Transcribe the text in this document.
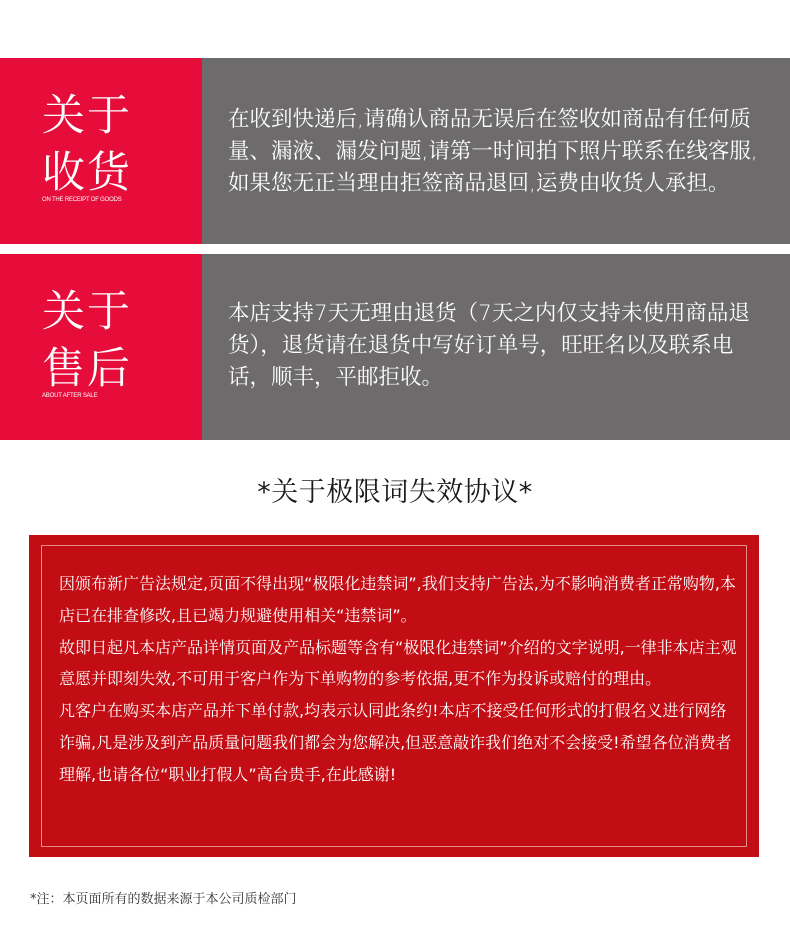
关于
收货
ON THE RECEIPT OF GOODS

在收到快递后,请确认商品无误后在签收如商品有任何质量、漏液、漏发问题,请第一时间拍下照片联系在线客服,如果您无正当理由拒签商品退回,运费由收货人承担。

关于
售后
ABOUT AFTER SALE

本店支持7天无理由退货（7天之内仅支持未使用商品退货），退货请在退货中写好订单号，旺旺名以及联系电话，顺丰，平邮拒收。

*关于极限词失效协议*

因颁布新广告法规定,页面不得出现“极限化违禁词”,我们支持广告法,为不影响消费者正常购物,本店已在排查修改,且已竭力规避使用相关“违禁词”。

故即日起凡本店产品详情页面及产品标题等含有“极限化违禁词”介绍的文字说明,一律非本店主观意愿并即刻失效,不可用于客户作为下单购物的参考依据,更不作为投诉或赔付的理由。

凡客户在购买本店产品并下单付款,均表示认同此条约!本店不接受任何形式的打假名义进行网络诈骗,凡是涉及到产品质量问题我们都会为您解决,但恶意敲诈我们绝对不会接受!希望各位消费者理解,也请各位“职业打假人”高台贵手,在此感谢!

*注：本页面所有的数据来源于本公司质检部门
